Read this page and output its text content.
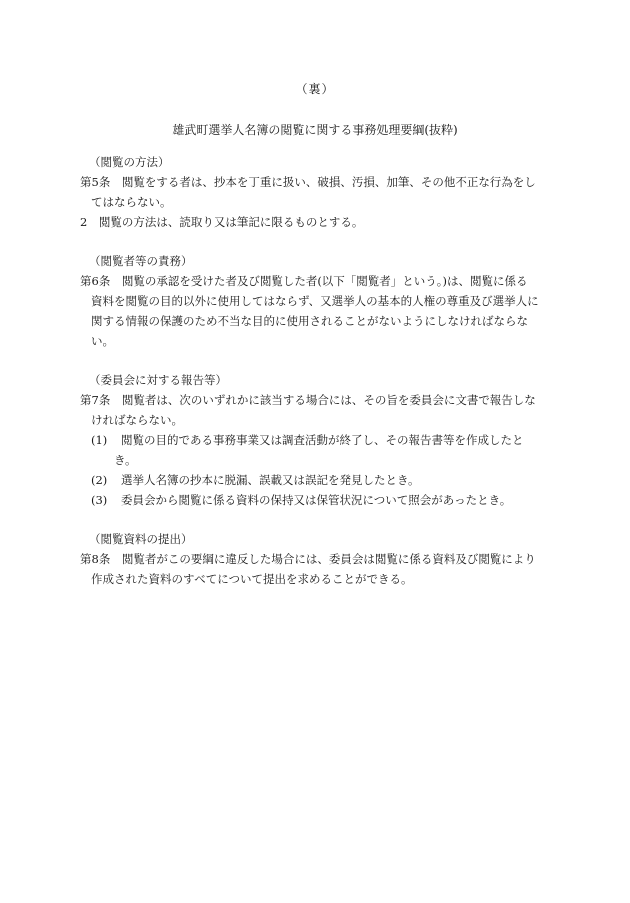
（裏）
雄武町選挙人名簿の閲覧に関する事務処理要綱(抜粋)
（閲覧の方法）
第5条　閲覧をする者は、抄本を丁重に扱い、破損、汚損、加筆、その他不正な行為をし
てはならない。
2　閲覧の方法は、読取り又は筆記に限るものとする。
（閲覧者等の責務）
第6条　閲覧の承認を受けた者及び閲覧した者(以下「閲覧者」という。)は、閲覧に係る
資料を閲覧の目的以外に使用してはならず、又選挙人の基本的人権の尊重及び選挙人に
関する情報の保護のため不当な目的に使用されることがないようにしなければならな
い。
（委員会に対する報告等）
第7条　閲覧者は、次のいずれかに該当する場合には、その旨を委員会に文書で報告しな
ければならない。
(1) 閲覧の目的である事務事業又は調査活動が終了し、その報告書等を作成したと
き。
(2) 選挙人名簿の抄本に脱漏、誤載又は誤記を発見したとき。
(3) 委員会から閲覧に係る資料の保持又は保管状況について照会があったとき。
（閲覧資料の提出）
第8条　閲覧者がこの要綱に違反した場合には、委員会は閲覧に係る資料及び閲覧により
作成された資料のすべてについて提出を求めることができる。
